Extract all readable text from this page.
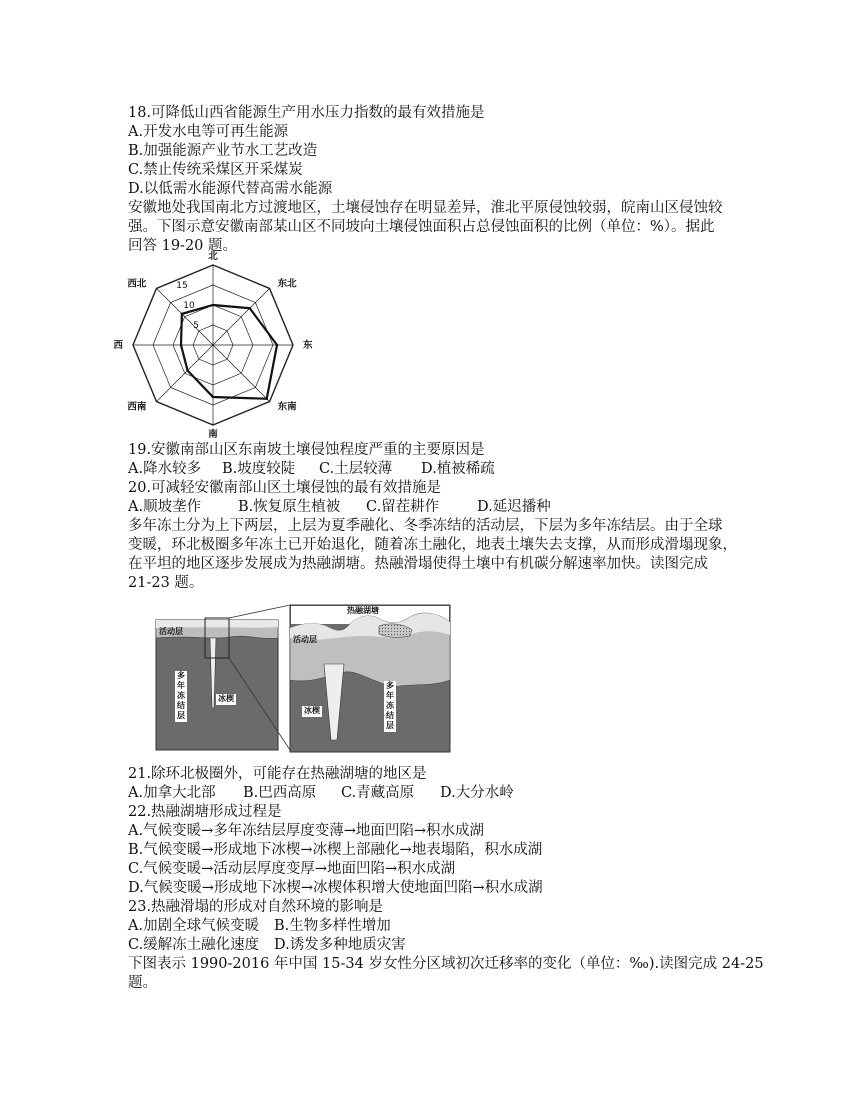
18.可降低山西省能源生产用水压力指数的最有效措施是
A.开发水电等可再生能源
B.加强能源产业节水工艺改造
C.禁止传统采煤区开采煤炭
D.以低需水能源代替高需水能源
安徽地处我国南北方过渡地区，土壤侵蚀存在明显差异，淮北平原侵蚀较弱，皖南山区侵蚀较
强。下图示意安徽南部某山区不同坡向土壤侵蚀面积占总侵蚀面积的比例（单位：%）。据此
回答 19-20 题。
北
东北
东
东南
南
西南
西
西北
5
10
15
19.安徽南部山区东南坡土壤侵蚀程度严重的主要原因是
A.降水较多 B.坡度较陡 C.土层较薄 D.植被稀疏
20.可减轻安徽南部山区土壤侵蚀的最有效措施是
A.顺坡垄作	B.恢复原生植被 C.留茬耕作	D.延迟播种
多年冻土分为上下两层，上层为夏季融化、冬季冻结的活动层，下层为多年冻结层。由于全球
变暖，环北极圈多年冻土已开始退化，随着冻土融化，地表土壤失去支撑，从而形成滑塌现象，
在平坦的地区逐步发展成为热融湖塘。热融滑塌使得土壤中有机碳分解速率加快。读图完成
21-23 题。
活动层
活动层
热融湖塘
冰楔
冰楔
多
多
年
年
冻
冻
结
结
层
层
21.除环北极圈外，可能存在热融湖塘的地区是
A.加拿大北部 B.巴西高原 C.青藏高原 D.大分水岭
22.热融湖塘形成过程是
A.气候变暖→多年冻结层厚度变薄→地面凹陷→积水成湖
B.气候变暖→形成地下冰楔→冰楔上部融化→地表塌陷，积水成湖
C.气候变暖→活动层厚度变厚→地面凹陷→积水成湖
D.气候变暖→形成地下冰楔→冰楔体积增大使地面凹陷→积水成湖
23.热融滑塌的形成对自然环境的影响是
A.加剧全球气候变暖 B.生物多样性增加
C.缓解冻土融化速度 D.诱发多种地质灾害
下图表示 1990-2016 年中国 15-34 岁女性分区域初次迁移率的变化（单位：‰).读图完成 24-25
题。
